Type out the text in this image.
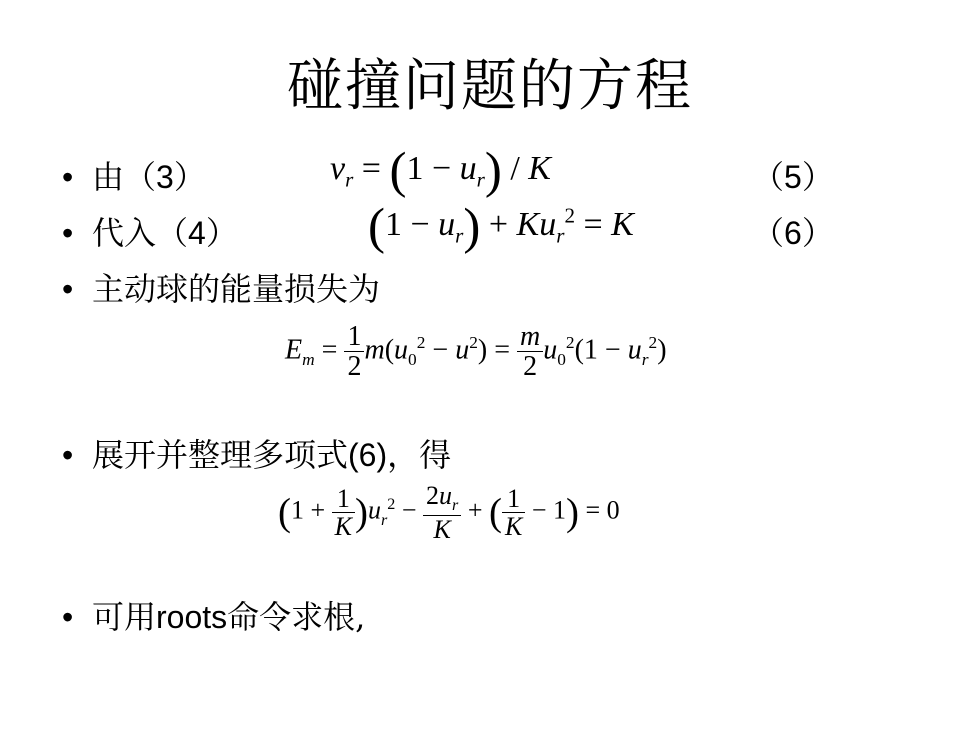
碰撞问题的方程
• 由（3）	$v_r = (1 - u_r) / K$	（5）
• 代入（4）	$(1 - u_r) + Ku_r^2 = K$	（6）
• 主动球的能量损失为
$E_m = \frac{1}{2} m(u_0^2 - u^2) = \frac{m}{2} u_0^2(1 - u_r^2)$
• 展开并整理多项式(6)，得
$(1 + \frac{1}{K} )u_r^2 - \frac{2u_r}{K}$ + ( $\frac{1}{K} - 1) = 0$
• 可用roots命令求根,
